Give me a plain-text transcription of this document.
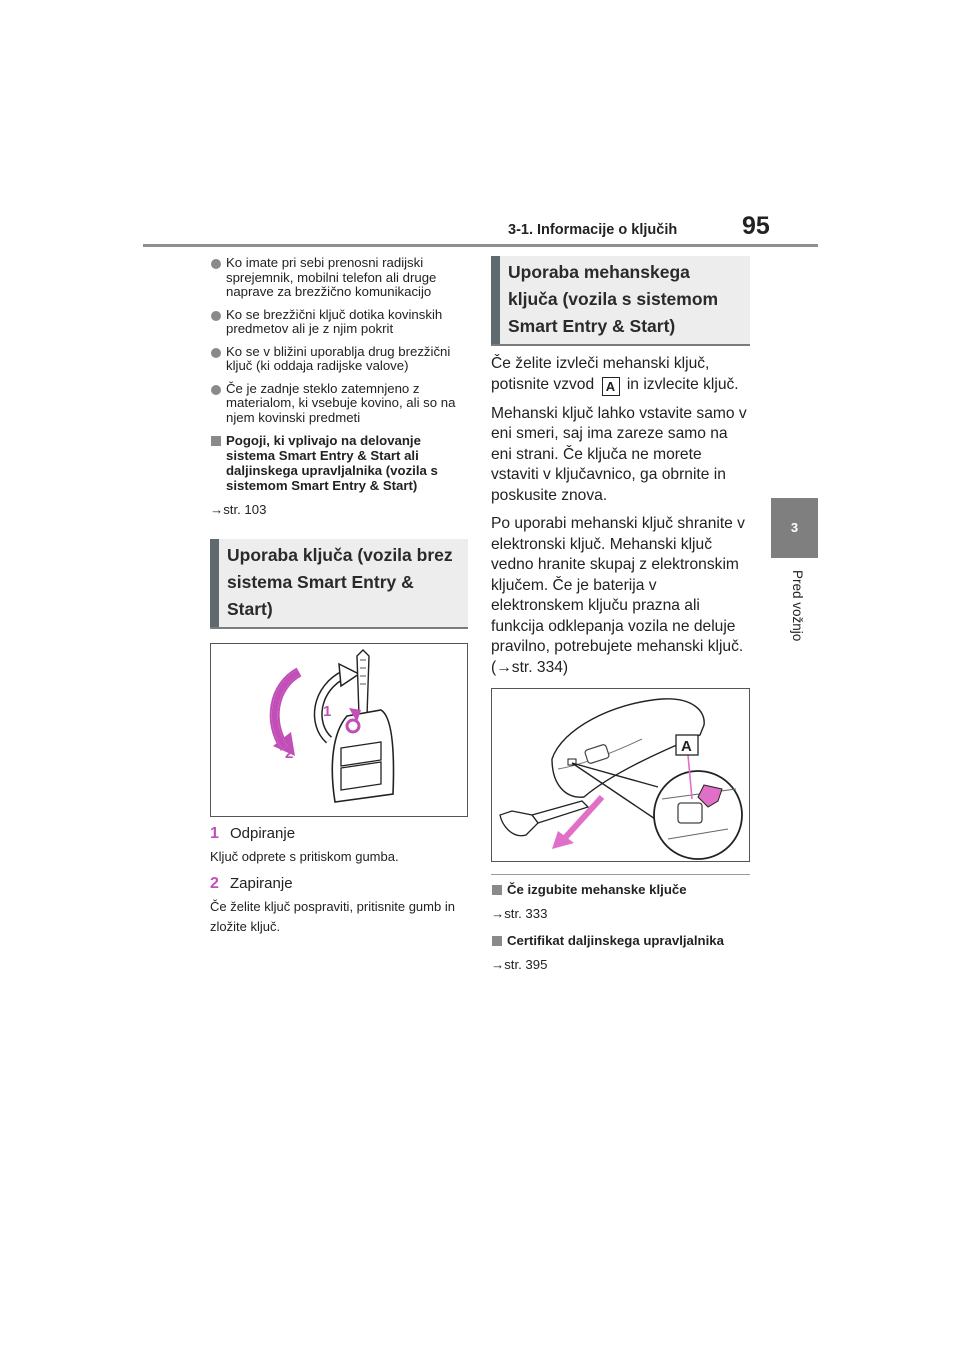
3-1. Informacije o ključih	95
3
Pred vožnjo
Ko imate pri sebi prenosni radijski sprejemnik, mobilni telefon ali druge naprave za brezžično komunikacijo
Ko se brezžični ključ dotika kovinskih predmetov ali je z njim pokrit
Ko se v bližini uporablja drug brezžični ključ (ki oddaja radijske valove)
Če je zadnje steklo zatemnjeno z materialom, ki vsebuje kovino, ali so na njem kovinski predmeti
Pogoji, ki vplivajo na delovanje sistema Smart Entry & Start ali daljinskega upravljalnika (vozila s sistemom Smart Entry & Start)
→str. 103
Uporaba ključa (vozila brez sistema Smart Entry & Start)
1
2
1 Odpiranje
Ključ odprete s pritiskom gumba.
2 Zapiranje
Če želite ključ pospraviti, pritisnite gumb in zložite ključ.
Uporaba mehanskega ključa (vozila s sistemom Smart Entry & Start)
Če želite izvleči mehanski ključ, potisnite vzvod A in izvlecite ključ.
Mehanski ključ lahko vstavite samo v eni smeri, saj ima zareze samo na eni strani. Če ključa ne morete vstaviti v ključavnico, ga obrnite in poskusite znova.
Po uporabi mehanski ključ shranite v elektronski ključ. Mehanski ključ vedno hranite skupaj z elektronskim ključem. Če je baterija v elektronskem ključu prazna ali funkcija odklepanja vozila ne deluje pravilno, potrebujete mehanski ključ. (→str. 334)
A
Če izgubite mehanske ključe
→str. 333
Certifikat daljinskega upravljalnika
→str. 395
